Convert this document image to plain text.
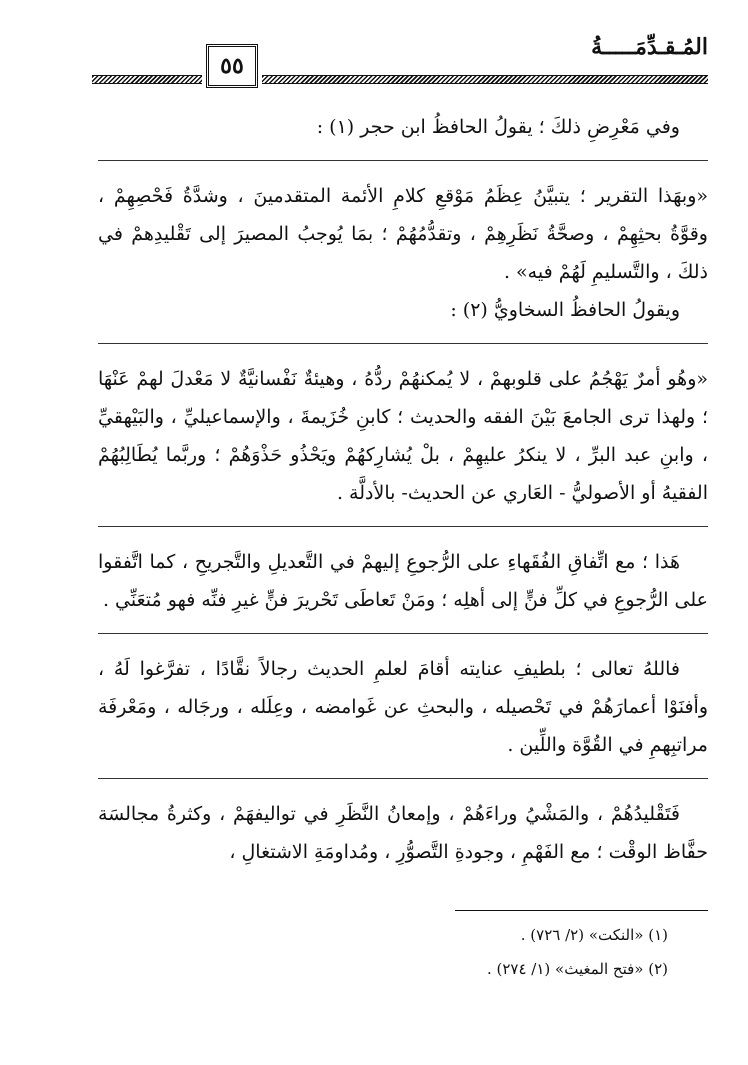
المُـقـدِّمَـــــةُ
٥٥

وفي مَعْرِضِ ذلكَ ؛ يقولُ الحافظُ ابن حجر (١) :

«وبهَذا التقرير ؛ يتبيَّنُ عِظَمُ مَوْقعِ كلامِ الأئمة المتقدمينَ ، وشدَّةُ فَحْصِهِمْ ، وقوَّةُ بحثِهِمْ ، وصحَّةُ نَظَرِهِمْ ، وتقدُّمُهُمْ ؛ بمَا يُوجبُ المصيرَ إلى تَقْليدِهمْ في ذلكَ ، والتَّسليمِ لَهُمْ فيه» .

ويقولُ الحافظُ السخاويُّ (٢) :

«وهُو أمرٌ يَهْجُمُ على قلوبهمْ ، لا يُمكنهُمْ ردُّهُ ، وهيئةٌ نَفْسانيَّةٌ لا مَعْدلَ لهمْ عَنْهَا ؛ ولهذا ترى الجامعَ بَيْنَ الفقه والحديث ؛ كابنِ خُزَيمةَ ، والإسماعيليِّ ، والبَيْهقيِّ ، وابنِ عبد البرِّ ، لا ينكرُ عليهِمْ ، بلْ يُشارِكهُمْ ويَحْذُو حَذْوَهُمْ ؛ وربَّما يُطَالِبُهُمْ الفقيهُ أو الأصوليُّ - العَاري عن الحديث- بالأدلَّة .

هَذا ؛ مع اتِّفاقِ الفُقَهاءِ على الرُّجوعِ إليهمْ في التَّعديلِ والتَّجريحِ ، كما اتَّفقوا على الرُّجوعِ في كلِّ فنٍّ إلى أهلِه ؛ ومَنْ تَعاطَى تَحْريرَ فنٍّ غيرِ فنِّه فهو مُتعَنِّي .

فاللهُ تعالى ؛ بلطيفِ عنايته أقامَ لعلمِ الحديث رجالاً نقَّادًا ، تفرَّغوا لَهُ ، وأفنَوْا أعمارَهُمْ في تَحْصيله ، والبحثِ عن غَوامضه ، وعِلَله ، ورجَاله ، ومَعْرفَة مراتبِهمِ في القُوَّة واللِّين .

فَتَقْليدُهُمْ ، والمَشْيُ وراءَهُمْ ، وإمعانُ النَّظَرِ في تواليفهَمْ ، وكثرةُ مجالسَة حفَّاظ الوقْت ؛ مع الفَهْمِ ، وجودةِ التَّصوُّرِ ، ومُداومَةِ الاشتغالِ ،

(١) «النكت» (٢/ ٧٢٦) .

(٢) «فتح المغيث» (١/ ٢٧٤) .
